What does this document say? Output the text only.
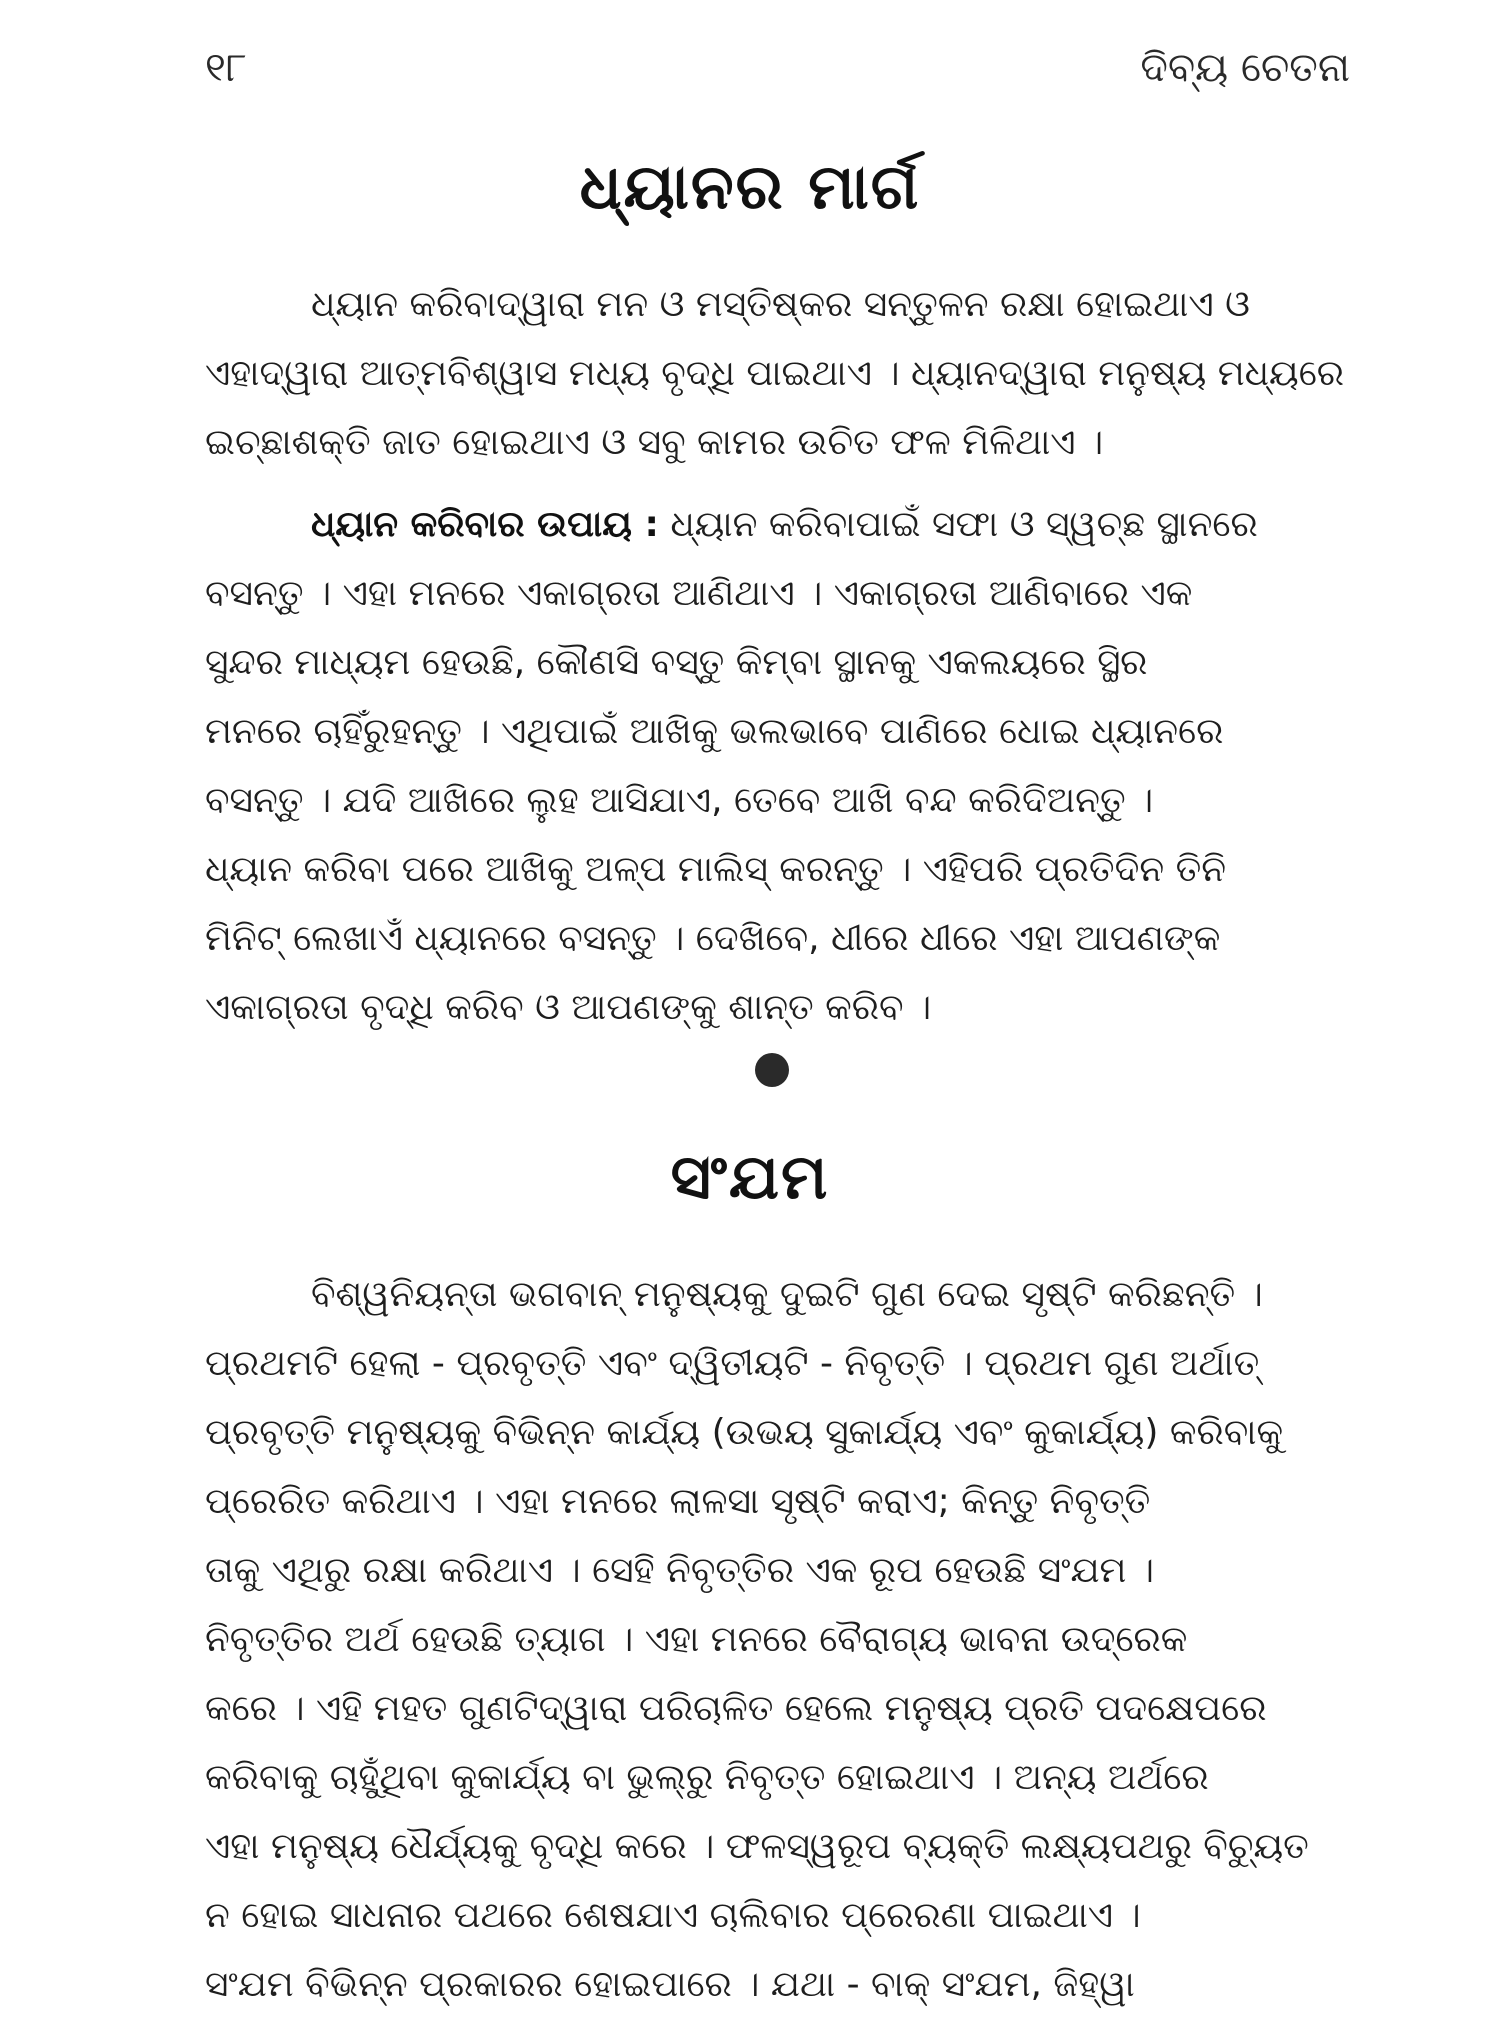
୧୮	ଦିବ୍ୟ ଚେତନା
ଧ୍ୟାନର ମାର୍ଗ
ଧ୍ୟାନ କରିବାଦ୍ୱାରା ମନ ଓ ମସ୍ତିଷ୍କର ସନ୍ତୁଳନ ରକ୍ଷା ହୋଇଥାଏ ଓ
ଏହାଦ୍ୱାରା ଆତ୍ମବିଶ୍ୱାସ ମଧ୍ୟ ବୃଦ୍ଧି ପାଇଥାଏ । ଧ୍ୟାନଦ୍ୱାରା ମନୁଷ୍ୟ ମଧ୍ୟରେ
ଇଚ୍ଛାଶକ୍ତି ଜାତ ହୋଇଥାଏ ଓ ସବୁ କାମର ଉଚିତ ଫଳ ମିଳିଥାଏ ।
ଧ୍ୟାନ କରିବାର ଉପାୟ : ଧ୍ୟାନ କରିବାପାଇଁ ସଫା ଓ ସ୍ୱଚ୍ଛ ସ୍ଥାନରେ
ବସନ୍ତୁ । ଏହା ମନରେ ଏକାଗ୍ରତା ଆଣିଥାଏ । ଏକାଗ୍ରତା ଆଣିବାରେ ଏକ
ସୁନ୍ଦର ମାଧ୍ୟମ ହେଉଛି, କୌଣସି ବସ୍ତୁ କିମ୍ବା ସ୍ଥାନକୁ ଏକଲୟରେ ସ୍ଥିର
ମନରେ ଚାହିଁରୁହନ୍ତୁ । ଏଥିପାଇଁ ଆଖିକୁ ଭଲଭାବେ ପାଣିରେ ଧୋଇ ଧ୍ୟାନରେ
ବସନ୍ତୁ । ଯଦି ଆଖିରେ ଲୁହ ଆସିଯାଏ, ତେବେ ଆଖି ବନ୍ଦ କରିଦିଅନ୍ତୁ ।
ଧ୍ୟାନ କରିବା ପରେ ଆଖିକୁ ଅଳ୍ପ ମାଲିସ୍ କରନ୍ତୁ । ଏହିପରି ପ୍ରତିଦିନ ତିନି
ମିନିଟ୍ ଲେଖାଏଁ ଧ୍ୟାନରେ ବସନ୍ତୁ । ଦେଖିବେ, ଧୀରେ ଧୀରେ ଏହା ଆପଣଙ୍କ
ଏକାଗ୍ରତା ବୃଦ୍ଧି କରିବ ଓ ଆପଣଙ୍କୁ ଶାନ୍ତ କରିବ ।
ସଂଯମ
ବିଶ୍ୱନିୟନ୍ତା ଭଗବାନ୍ ମନୁଷ୍ୟକୁ ଦୁଇଟି ଗୁଣ ଦେଇ ସୃଷ୍ଟି କରିଛନ୍ତି ।
ପ୍ରଥମଟି ହେଲା - ପ୍ରବୃତ୍ତି ଏବଂ ଦ୍ୱିତୀୟଟି - ନିବୃତ୍ତି । ପ୍ରଥମ ଗୁଣ ଅର୍ଥାତ୍
ପ୍ରବୃତ୍ତି ମନୁଷ୍ୟକୁ ବିଭିନ୍ନ କାର୍ଯ୍ୟ (ଉଭୟ ସୁକାର୍ଯ୍ୟ ଏବଂ କୁକାର୍ଯ୍ୟ) କରିବାକୁ
ପ୍ରେରିତ କରିଥାଏ । ଏହା ମନରେ ଲାଳସା ସୃଷ୍ଟି କରାଏ; କିନ୍ତୁ ନିବୃତ୍ତି
ତାକୁ ଏଥିରୁ ରକ୍ଷା କରିଥାଏ । ସେହି ନିବୃତ୍ତିର ଏକ ରୂପ ହେଉଛି ସଂଯମ ।
ନିବୃତ୍ତିର ଅର୍ଥ ହେଉଛି ତ୍ୟାଗ । ଏହା ମନରେ ବୈରାଗ୍ୟ ଭାବନା ଉଦ୍ରେକ
କରେ । ଏହି ମହତ ଗୁଣଟିଦ୍ୱାରା ପରିଚାଳିତ ହେଲେ ମନୁଷ୍ୟ ପ୍ରତି ପଦକ୍ଷେପରେ
କରିବାକୁ ଚାହୁଁଥିବା କୁକାର୍ଯ୍ୟ ବା ଭୁଲ୍‌ରୁ ନିବୃତ୍ତ ହୋଇଥାଏ । ଅନ୍ୟ ଅର୍ଥରେ
ଏହା ମନୁଷ୍ୟ ଧୈର୍ଯ୍ୟକୁ ବୃଦ୍ଧି କରେ । ଫଳସ୍ୱରୂପ ବ୍ୟକ୍ତି ଲକ୍ଷ୍ୟପଥରୁ ବିଚ୍ୟୁତ
ନ ହୋଇ ସାଧନାର ପଥରେ ଶେଷଯାଏ ଚାଲିବାର ପ୍ରେରଣା ପାଇଥାଏ ।
ସଂଯମ ବିଭିନ୍ନ ପ୍ରକାରର ହୋଇପାରେ । ଯଥା - ବାକ୍ ସଂଯମ, ଜିହ୍ୱା
